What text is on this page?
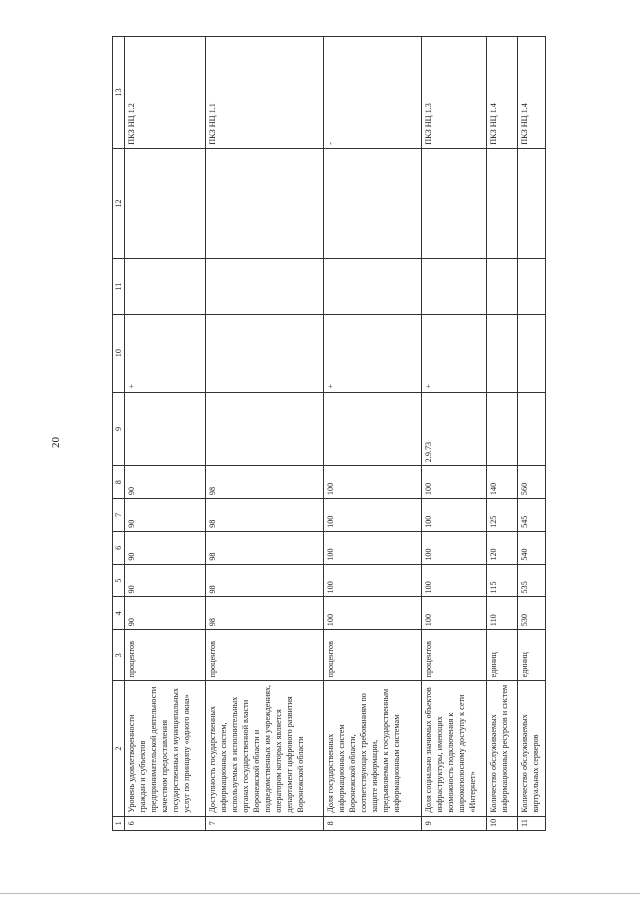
20
1	2	3	4	5	6	7	8	9	10	11	12	13
6	Уровень удовлетворенности граждан и субъектов предпринимательской деятельности качеством предоставления государственных и муниципальных услуг по принципу «одного окна»	процентов	90	90	90	90	90		+			ПКЗ НЦ 1.2
7	Доступность государственных информационных систем, используемых в исполнительных органах государственной власти Воронежской области и подведомственных им учреждениях, оператором которых является департамент цифрового развития Воронежской области	процентов	98	98	98	98	98					ПКЗ НЦ 1.1
8	Доля государственных информационных систем Воронежской области, соответствующих требованиям по защите информации, предъявляемым к государственным информационным системам	процентов	100	100	100	100	100		+			-
9	Доля социально значимых объектов инфраструктуры, имеющих возможность подключения к широкополосному доступу к сети «Интернет»	процентов	100	100	100	100	100	2.9.73	+			ПКЗ НЦ 1.3
10	Количество обслуживаемых информационных ресурсов и систем	единиц	110	115	120	125	140					ПКЗ НЦ 1.4
11	Количество обслуживаемых виртуальных серверов	единиц	530	535	540	545	560					ПКЗ НЦ 1.4
